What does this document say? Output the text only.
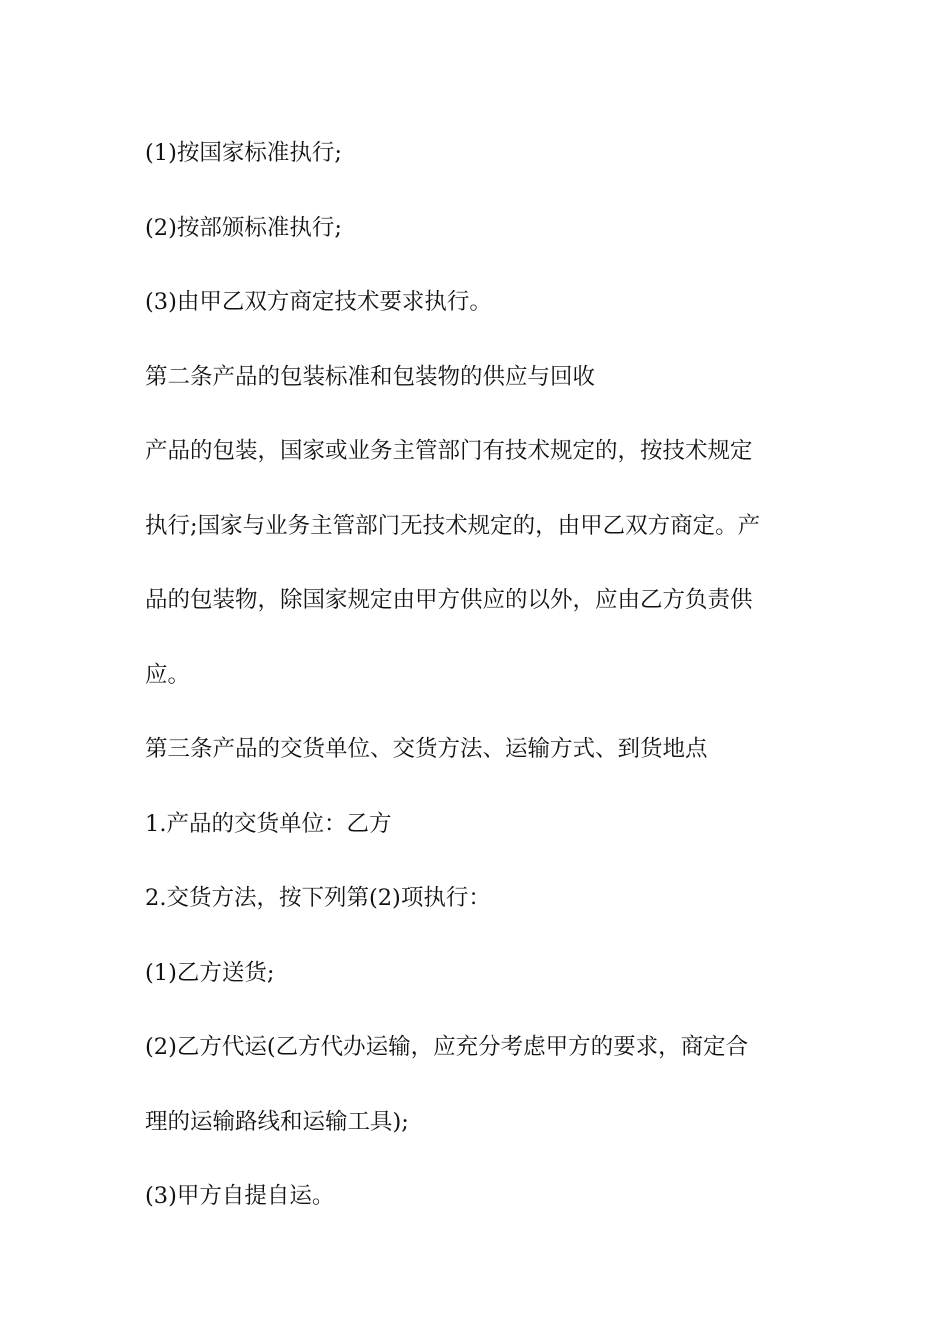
(1)按国家标准执行;
(2)按部颁标准执行;
(3)由甲乙双方商定技术要求执行。
第二条产品的包装标准和包装物的供应与回收
产品的包装，国家或业务主管部门有技术规定的，按技术规定
执行;国家与业务主管部门无技术规定的，由甲乙双方商定。产
品的包装物，除国家规定由甲方供应的以外，应由乙方负责供
应。
第三条产品的交货单位、交货方法、运输方式、到货地点
1.产品的交货单位：乙方
2.交货方法，按下列第(2)项执行：
(1)乙方送货;
(2)乙方代运(乙方代办运输，应充分考虑甲方的要求，商定合
理的运输路线和运输工具);
(3)甲方自提自运。
